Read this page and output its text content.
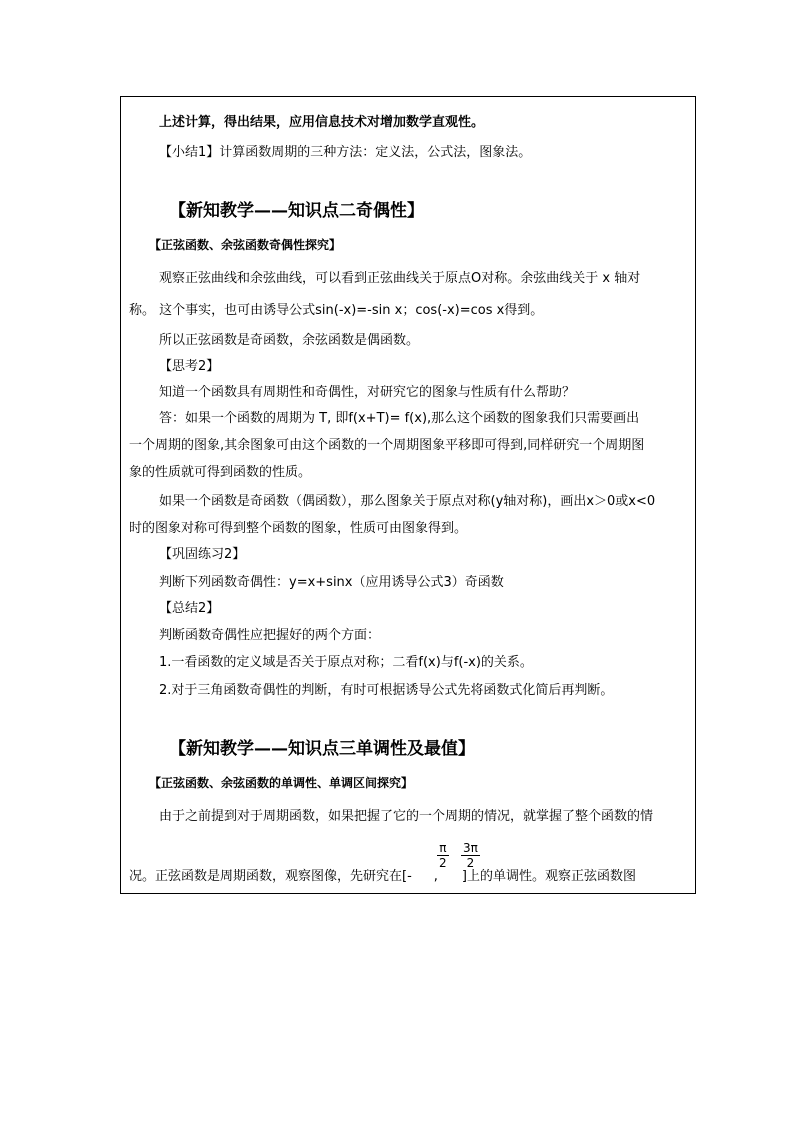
上述计算，得出结果，应用信息技术对增加数学直观性。
【小结1】计算函数周期的三种方法：定义法，公式法，图象法。
【新知教学——知识点二奇偶性】
【正弦函数、余弦函数奇偶性探究】
观察正弦曲线和余弦曲线，可以看到正弦曲线关于原点O对称。余弦曲线关于 x 轴对
称。 这个事实，也可由诱导公式sin(-x)=-sin x；cos(-x)=cos x得到。
所以正弦函数是奇函数，余弦函数是偶函数。
【思考2】
知道一个函数具有周期性和奇偶性，对研究它的图象与性质有什么帮助？
答：如果一个函数的周期为 T, 即f(x+T)= f(x),那么这个函数的图象我们只需要画出
一个周期的图象,其余图象可由这个函数的一个周期图象平移即可得到,同样研究一个周期图
象的性质就可得到函数的性质。
如果一个函数是奇函数（偶函数），那么图象关于原点对称(y轴对称)，画出x＞0或x<0
时的图象对称可得到整个函数的图象，性质可由图象得到。
【巩固练习2】
判断下列函数奇偶性：y=x+sinx（应用诱导公式3）奇函数
【总结2】
判断函数奇偶性应把握好的两个方面：
1.一看函数的定义域是否关于原点对称；二看f(x)与f(-x)的关系。
2.对于三角函数奇偶性的判断，有时可根据诱导公式先将函数式化简后再判断。
【新知教学——知识点三单调性及最值】
【正弦函数、余弦函数的单调性、单调区间探究】
由于之前提到对于周期函数，如果把握了它的一个周期的情况，就掌握了整个函数的情
况。正弦函数是周期函数，观察图像，先研究在[- , ]上的单调性。观察正弦函数图
$\frac{\pi}{2} \frac{3\pi}{2}$
